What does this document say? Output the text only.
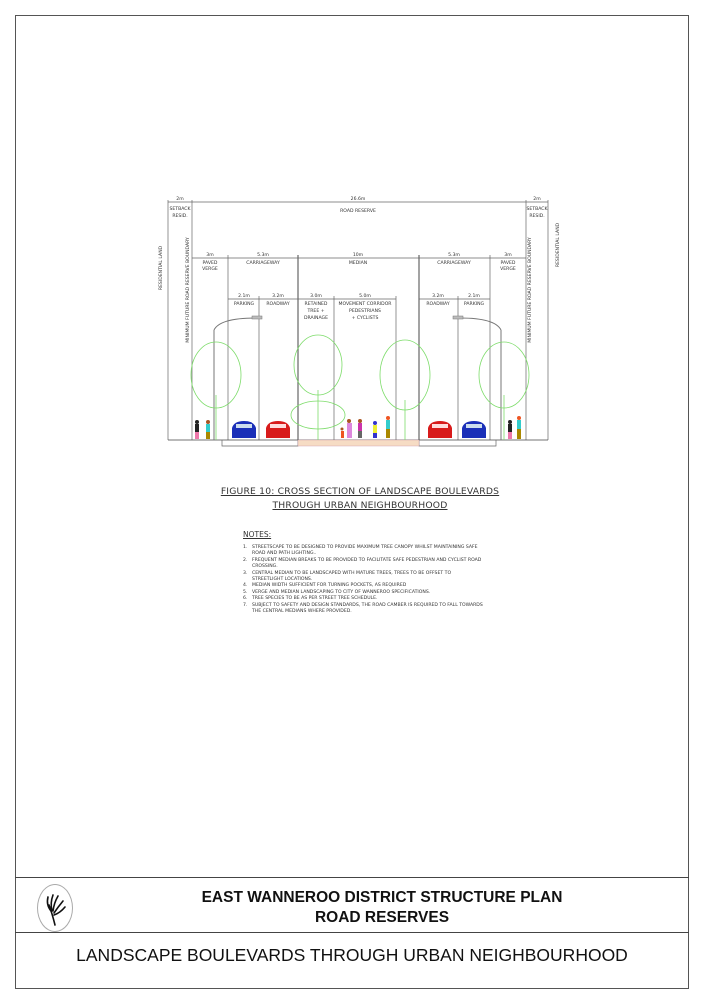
2m	26.6m	2m
SETBACK
RESID.
SETBACK
RESID.
ROAD RESERVE
RESIDENTIAL LAND
RESIDENTIAL LAND
MINIMUM FUTURE ROAD RESERVE BOUNDARY	MINIMUM FUTURE ROAD RESERVE BOUNDARY
3m
PAVED
VERGE
5.3m
CARRIAGEWAY
10m
MEDIAN
5.3m
CARRIAGEWAY
3m
PAVED
VERGE
2.1m
PARKING
3.2m
ROADWAY
3.0m
RETAINED
TREE +
DRAINAGE
5.0m
MOVEMENT CORRIDOR
PEDESTRIANS
+ CYCLISTS
3.2m
ROADWAY
2.1m
PARKING
FIGURE 10: CROSS SECTION OF LANDSCAPE BOULEVARDS
THROUGH URBAN NEIGHBOURHOOD
NOTES:
1.	STREETSCAPE TO BE DESIGNED TO PROVIDE MAXIMUM TREE CANOPY WHILST MAINTAINING SAFE ROAD AND PATH LIGHTING..
2.	FREQUENT MEDIAN BREAKS TO BE PROVIDED TO FACILITATE SAFE PEDESTRIAN AND CYCLIST ROAD CROSSING.
3.	CENTRAL MEDIAN TO BE LANDSCAPED WITH MATURE TREES, TREES TO BE OFFSET TO STREETLIGHT LOCATIONS.
4.	MEDIAN WIDTH SUFFICIENT FOR TURNING POCKETS, AS REQUIRED
5.	VERGE AND MEDIAN LANDSCAPING TO CITY OF WANNEROO SPECIFICATIONS.
6.	TREE SPECIES TO BE AS PER STREET TREE SCHEDULE.
7.	SUBJECT TO SAFETY AND DESIGN STANDARDS, THE ROAD CAMBER IS REQUIRED TO FALL TOWARDS THE CENTRAL MEDIANS WHERE PROVIDED.
EAST WANNEROO DISTRICT STRUCTURE PLAN
ROAD RESERVES
LANDSCAPE BOULEVARDS THROUGH URBAN NEIGHBOURHOOD
